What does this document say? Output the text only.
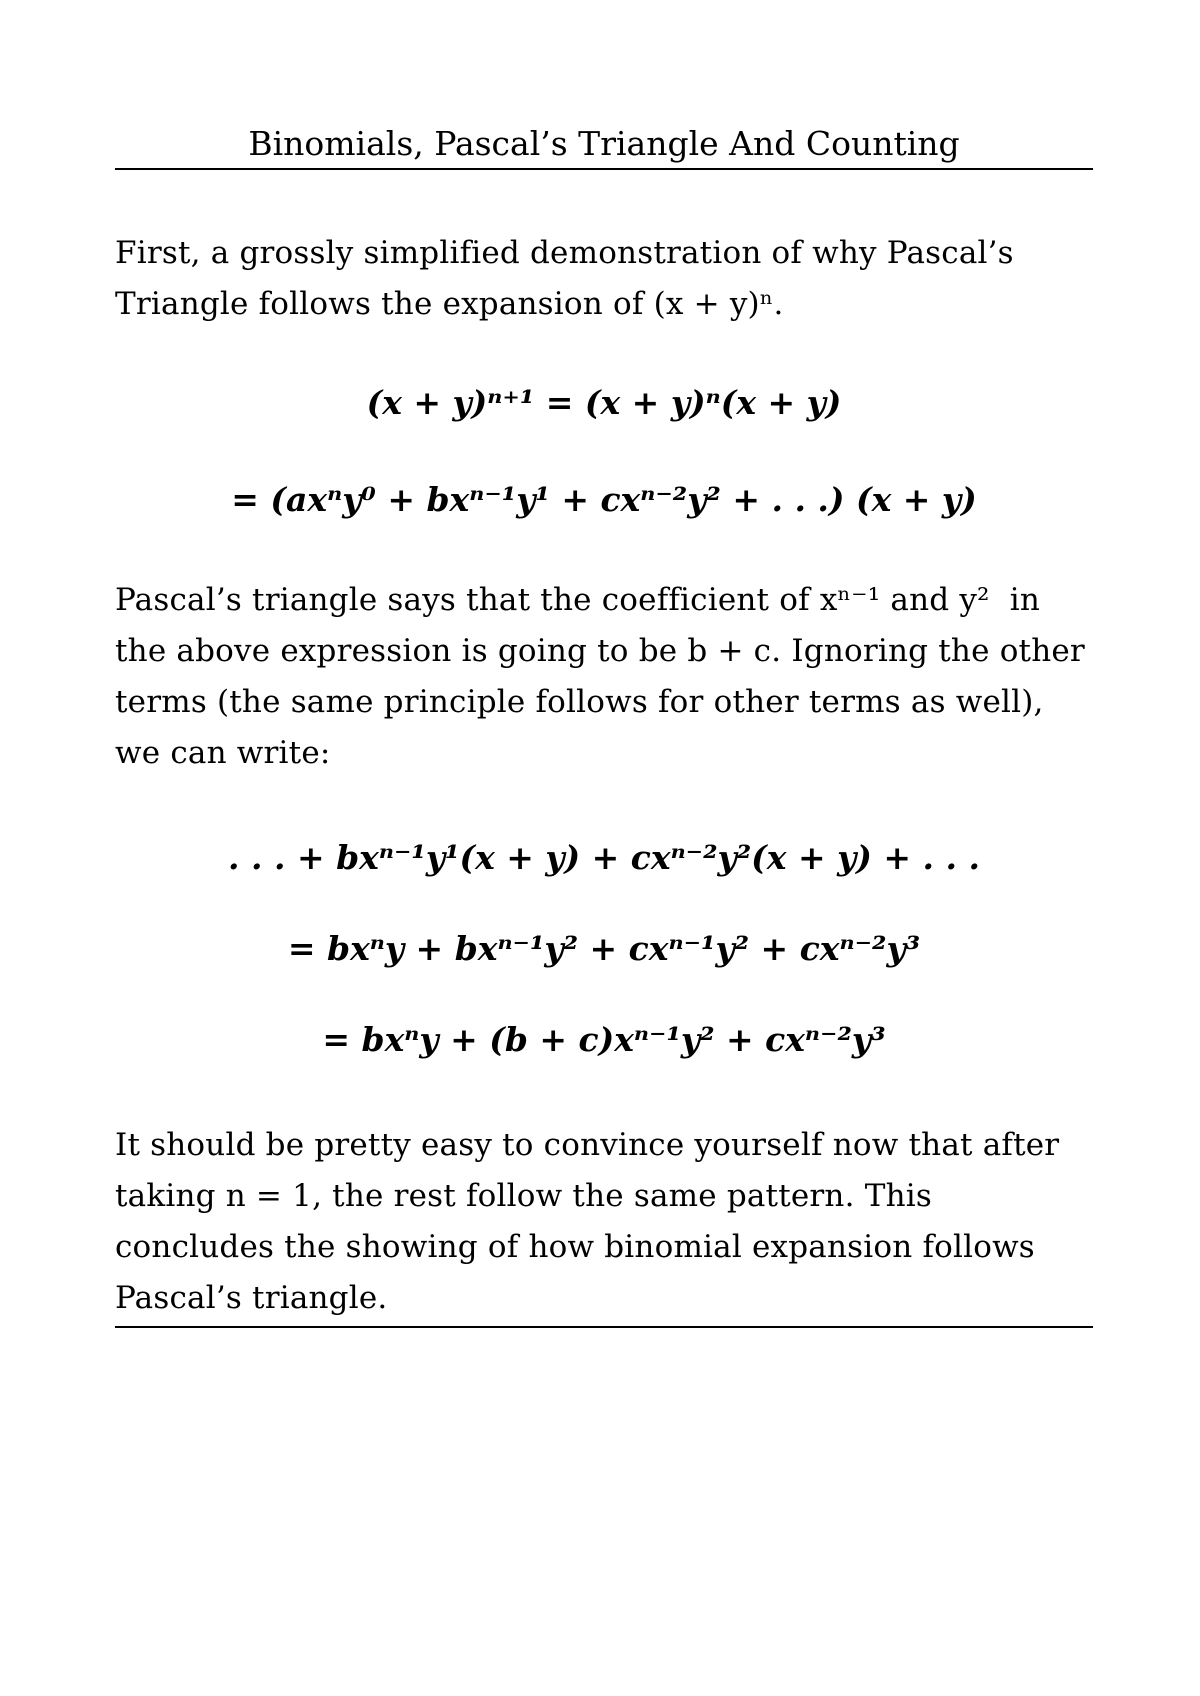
Binomials, Pascal’s Triangle And Counting
First, a grossly simplified demonstration of why Pascal’s
Triangle follows the expansion of (x + y)ⁿ.
(x + y)ⁿ⁺¹ = (x + y)ⁿ(x + y)
= (axⁿy⁰ + bxⁿ⁻¹y¹ + cxⁿ⁻²y² + . . .) (x + y)
Pascal’s triangle says that the coefficient of xⁿ⁻¹ and y²  in
the above expression is going to be b + c. Ignoring the other
terms (the same principle follows for other terms as well),
we can write:
. . . + bxⁿ⁻¹y¹(x + y) + cxⁿ⁻²y²(x + y) + . . .
= bxⁿy + bxⁿ⁻¹y² + cxⁿ⁻¹y² + cxⁿ⁻²y³
= bxⁿy + (b + c)xⁿ⁻¹y² + cxⁿ⁻²y³
It should be pretty easy to convince yourself now that after
taking n = 1, the rest follow the same pattern. This
concludes the showing of how binomial expansion follows
Pascal’s triangle.
